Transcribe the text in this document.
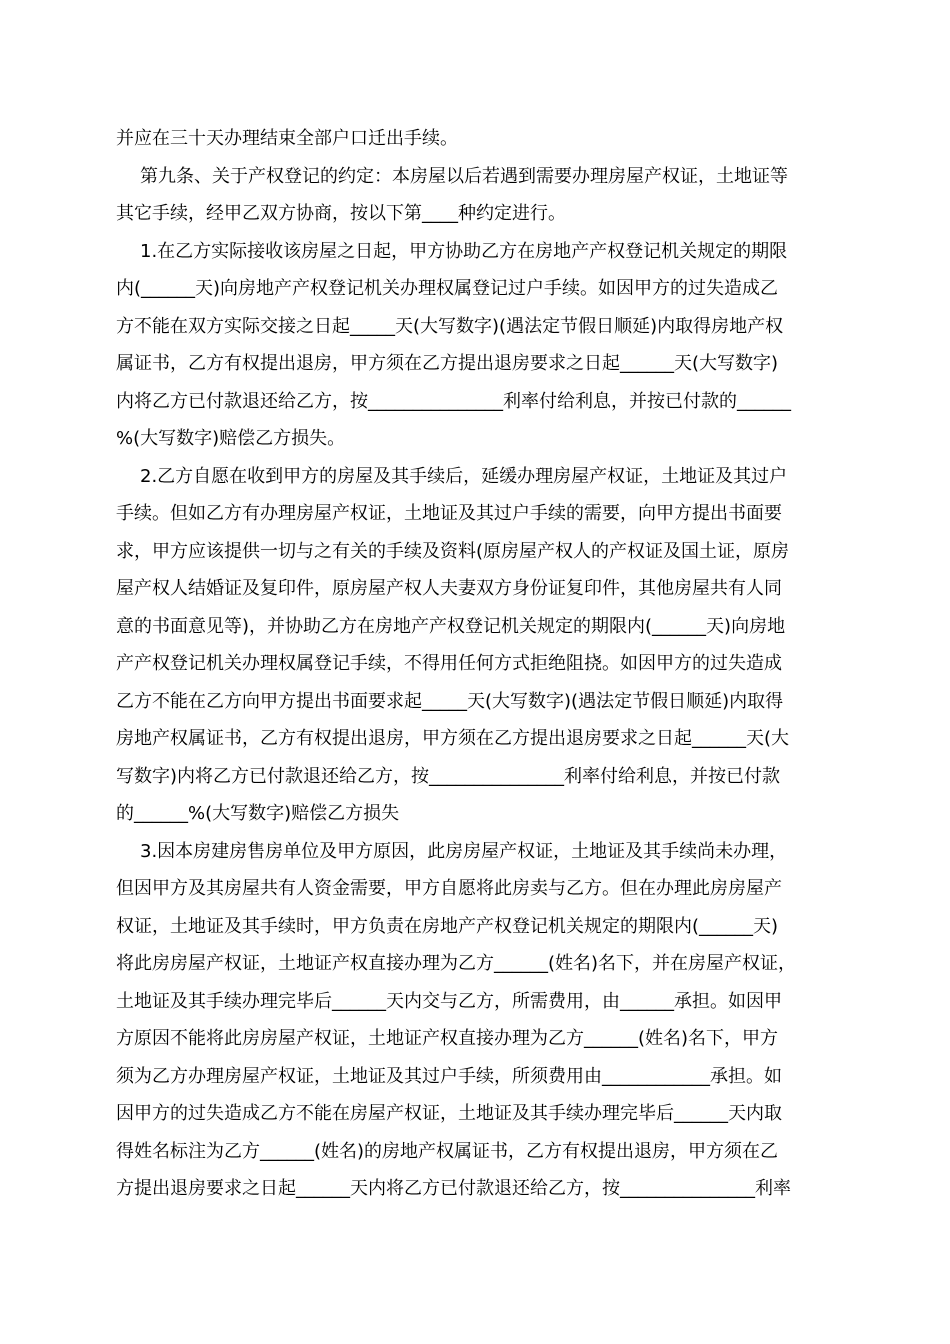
并应在三十天办理结束全部户口迁出手续。
第九条、关于产权登记的约定：本房屋以后若遇到需要办理房屋产权证，土地证等
其它手续，经甲乙双方协商，按以下第____种约定进行。
1.在乙方实际接收该房屋之日起，甲方协助乙方在房地产产权登记机关规定的期限
内(______天)向房地产产权登记机关办理权属登记过户手续。如因甲方的过失造成乙
方不能在双方实际交接之日起_____天(大写数字)(遇法定节假日顺延)内取得房地产权
属证书，乙方有权提出退房，甲方须在乙方提出退房要求之日起______天(大写数字)
内将乙方已付款退还给乙方，按_______________利率付给利息，并按已付款的______
%(大写数字)赔偿乙方损失。
2.乙方自愿在收到甲方的房屋及其手续后，延缓办理房屋产权证，土地证及其过户
手续。但如乙方有办理房屋产权证，土地证及其过户手续的需要，向甲方提出书面要
求，甲方应该提供一切与之有关的手续及资料(原房屋产权人的产权证及国土证，原房
屋产权人结婚证及复印件，原房屋产权人夫妻双方身份证复印件，其他房屋共有人同
意的书面意见等)，并协助乙方在房地产产权登记机关规定的期限内(______天)向房地
产产权登记机关办理权属登记手续，不得用任何方式拒绝阻挠。如因甲方的过失造成
乙方不能在乙方向甲方提出书面要求起_____天(大写数字)(遇法定节假日顺延)内取得
房地产权属证书，乙方有权提出退房，甲方须在乙方提出退房要求之日起______天(大
写数字)内将乙方已付款退还给乙方，按_______________利率付给利息，并按已付款
的______%(大写数字)赔偿乙方损失
3.因本房建房售房单位及甲方原因，此房房屋产权证，土地证及其手续尚未办理，
但因甲方及其房屋共有人资金需要，甲方自愿将此房卖与乙方。但在办理此房房屋产
权证，土地证及其手续时，甲方负责在房地产产权登记机关规定的期限内(______天)
将此房房屋产权证，土地证产权直接办理为乙方______(姓名)名下，并在房屋产权证，
土地证及其手续办理完毕后______天内交与乙方，所需费用，由______承担。如因甲
方原因不能将此房房屋产权证，土地证产权直接办理为乙方______(姓名)名下，甲方
须为乙方办理房屋产权证，土地证及其过户手续，所须费用由____________承担。如
因甲方的过失造成乙方不能在房屋产权证，土地证及其手续办理完毕后______天内取
得姓名标注为乙方______(姓名)的房地产权属证书，乙方有权提出退房，甲方须在乙
方提出退房要求之日起______天内将乙方已付款退还给乙方，按_______________利率
